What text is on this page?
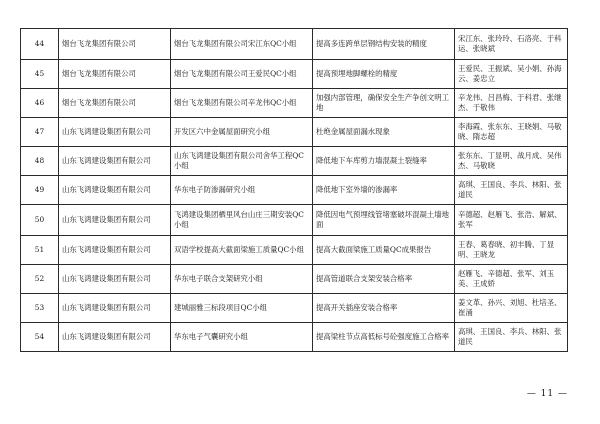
44	烟台飞龙集团有限公司	烟台飞龙集团有限公司宋江东QC小组	提高多连跨单层钢结构安装的精度	宋江东、张玲玲、石洛亮、于科运、张晓斌
45	烟台飞龙集团有限公司	烟台飞龙集团有限公司王爱民QC小组	提高预埋地脚螺栓的精度	王爱民、王振斌、吴小娟、孙海云、姜忠立
46	烟台飞龙集团有限公司	烟台飞龙集团有限公司辛龙伟QC小组	加强内部管理，确保安全生产争创文明工地	辛龙伟、吕昌梅、于科君、张继杰、于敬伟
47	山东飞鸿建设集团有限公司	开发区六中金属屋面研究小组	杜绝金属屋面漏水现象	李海霞、张东东、王晓娟、马敬晓、隋志超
48	山东飞鸿建设集团有限公司	山东飞鸿建设集团有限公司舍华工程QC小组	降低地下车库剪力墙混凝土裂缝率	张东东、丁显明、战月成、吴伟杰、马敬晓
49	山东飞鸿建设集团有限公司	华东电子防渗漏研究小组	降低地下室外墙的渗漏率	高琪、王国良、李兵、林阳、张道民
50	山东飞鸿建设集团有限公司	飞鸿建设集团栖里风台山庄三期安装QC小组	降低因电气预埋线管堵塞破坏混凝土墙地面	辛德超、赵雁飞、张浩、解斌、张军
51	山东飞鸿建设集团有限公司	双语学校提高大截面梁施工质量QC小组	提高大截面梁施工质量QC成果报告	王春、葛春晓、初丰腾、丁显明、王晓龙
52	山东飞鸿建设集团有限公司	华东电子联合支架研究小组	提高管道联合支架安装合格率	赵雁飞、辛德超、张军、刘玉美、王成娇
53	山东飞鸿建设集团有限公司	建城丽雅三标段项目QC小组	提高开关插座安装合格率	姜文革、孙兴、刘旭、杜培圣、崔涌
54	山东飞鸿建设集团有限公司	华东电子气囊研究小组	提高梁柱节点高低标号砼强度施工合格率	高琪、王国良、李兵、林阳、张道民
— 11 —
